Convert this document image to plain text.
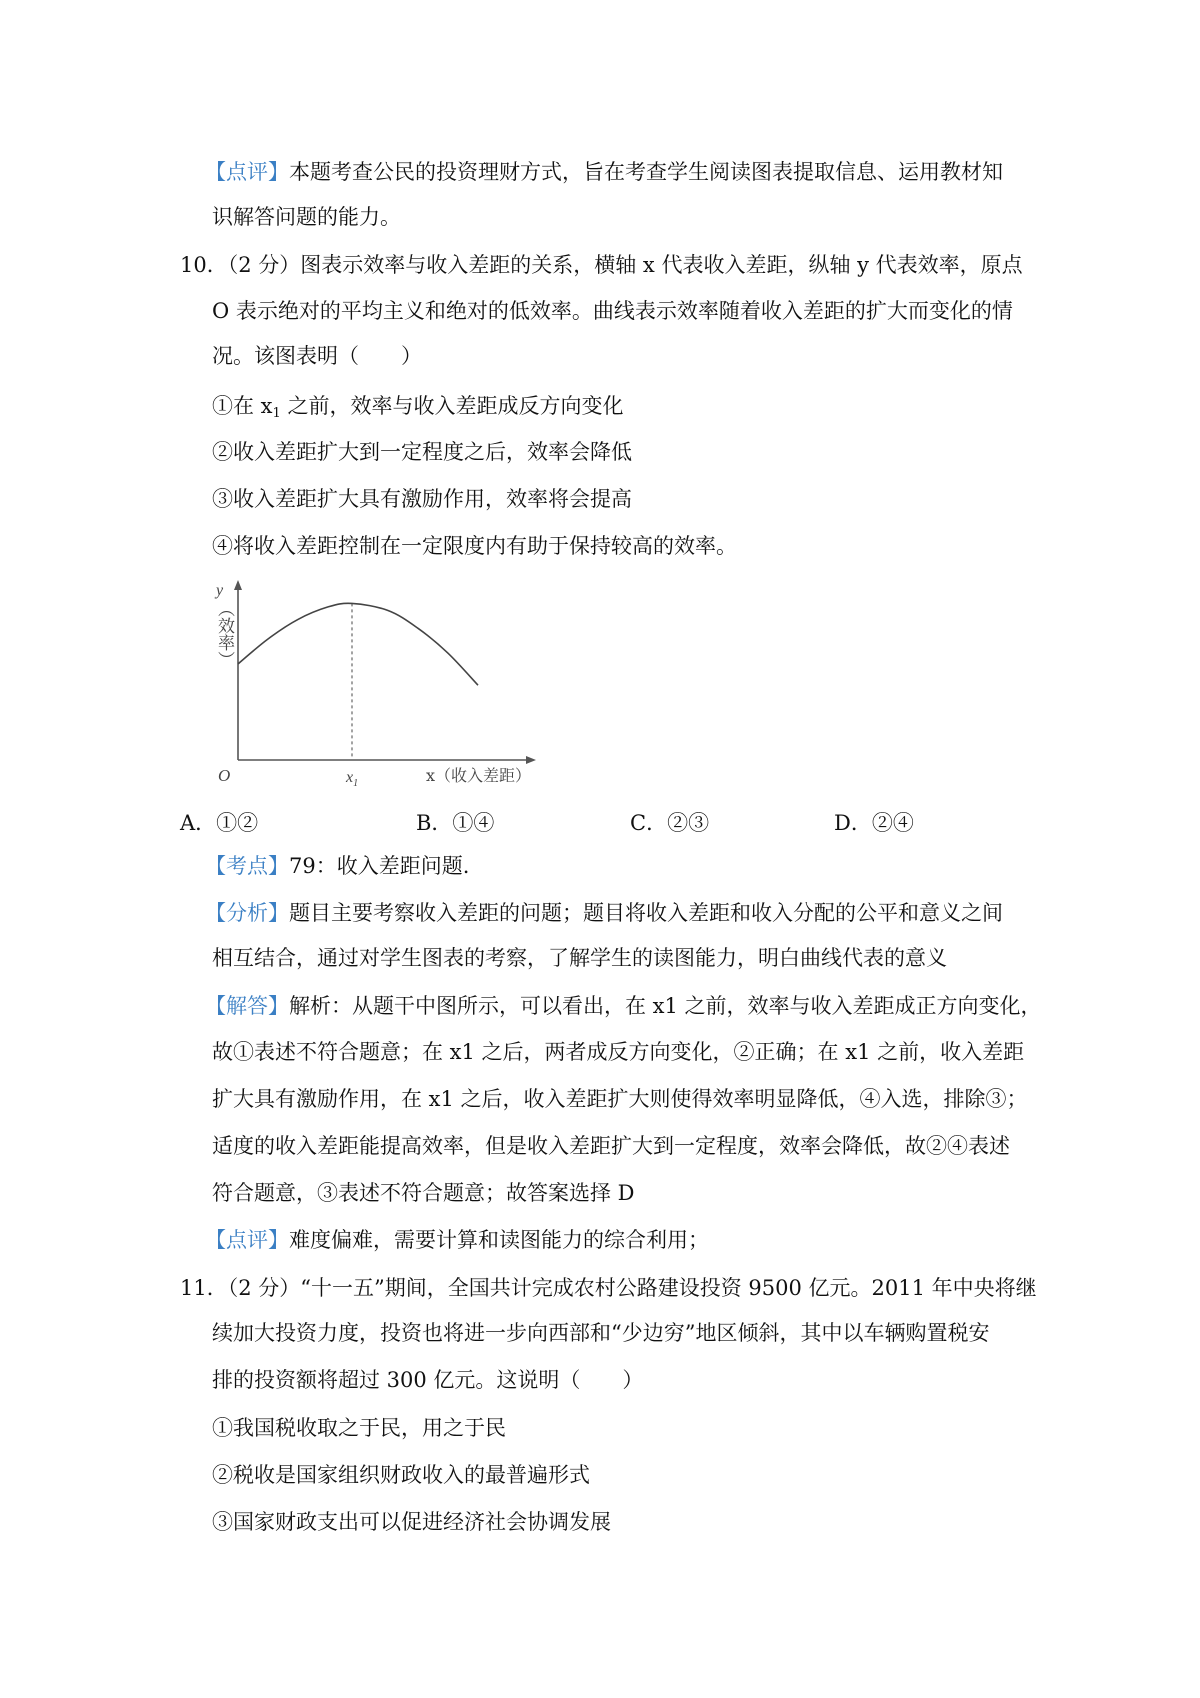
【点评】本题考查公民的投资理财方式，旨在考查学生阅读图表提取信息、运用教材知
识解答问题的能力。
10．（2 分）图表示效率与收入差距的关系，横轴 x 代表收入差距，纵轴 y 代表效率，原点
O 表示绝对的平均主义和绝对的低效率。曲线表示效率随着收入差距的扩大而变化的情
况。该图表明（　　）
①在 $x_1$ 之前，效率与收入差距成反方向变化
②收入差距扩大到一定程度之后，效率会降低
③收入差距扩大具有激励作用，效率将会提高
④将收入差距控制在一定限度内有助于保持较高的效率。
y
（效率）
O	$x_1$	x（收入差距）
A．①②	B．①④	C．②③	D．②④
【考点】79：收入差距问题.
【分析】题目主要考察收入差距的问题；题目将收入差距和收入分配的公平和意义之间
相互结合，通过对学生图表的考察，了解学生的读图能力，明白曲线代表的意义
【解答】解析：从题干中图所示，可以看出，在 x1 之前，效率与收入差距成正方向变化，
故①表述不符合题意；在 x1 之后，两者成反方向变化，②正确；在 x1 之前，收入差距
扩大具有激励作用，在 x1 之后，收入差距扩大则使得效率明显降低，④入选，排除③；
适度的收入差距能提高效率，但是收入差距扩大到一定程度，效率会降低，故②④表述
符合题意，③表述不符合题意；故答案选择 D
【点评】难度偏难，需要计算和读图能力的综合利用；
11．（2 分）“十一五”期间，全国共计完成农村公路建设投资 9500 亿元。2011 年中央将继
续加大投资力度，投资也将进一步向西部和“少边穷”地区倾斜，其中以车辆购置税安
排的投资额将超过 300 亿元。这说明（　　）
①我国税收取之于民，用之于民
②税收是国家组织财政收入的最普遍形式
③国家财政支出可以促进经济社会协调发展
